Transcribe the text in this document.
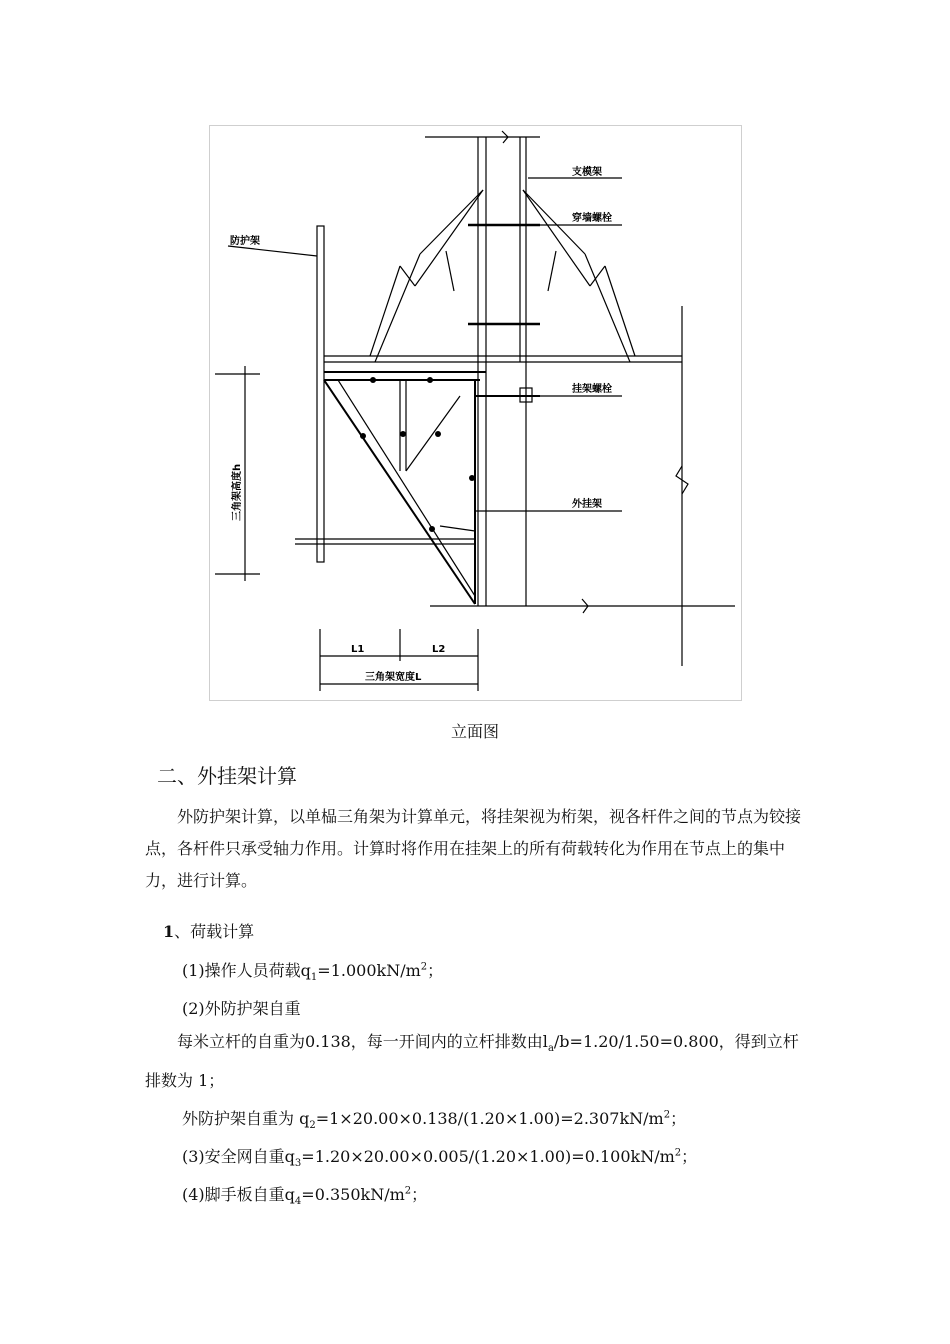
支模架
穿墙螺栓
防护架
挂架螺栓
外挂架
三角架高度h
L1	L2
三角架宽度L
立面图
二、外挂架计算
外防护架计算，以单榀三角架为计算单元，将挂架视为桁架，视各杆件之间的节点为铰接点，各杆件只承受轴力作用。计算时将作用在挂架上的所有荷载转化为作用在节点上的集中力，进行计算。
1、荷载计算
(1)操作人员荷载$q_1=1.000kN/m^2$；
(2)外防护架自重
每米立杆的自重为0.138，每一开间内的立杆排数由$l_a/b=1.20/1.50=0.800$，得到立杆排数为 1；
外防护架自重为 $q_2=1\times 20.00\times 0.138/(1.20\times 1.00)=2.307kN/m^2$；
(3)安全网自重$q_3=1.20\times 20.00\times 0.005/(1.20\times 1.00)=0.100kN/m^2$；
(4)脚手板自重$q_4=0.350kN/m^2$；
